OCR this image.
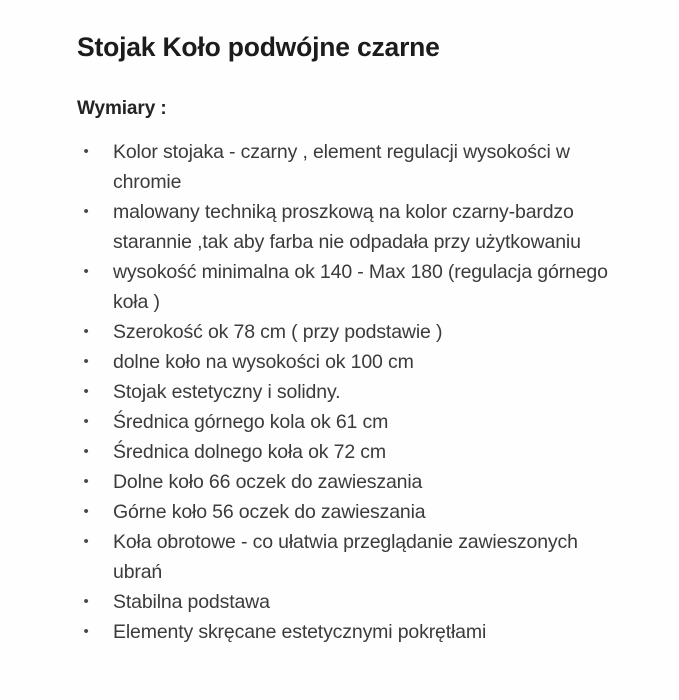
Stojak Koło podwójne czarne
Wymiary :
• Kolor stojaka - czarny , element regulacji wysokości w chromie
• malowany techniką proszkową na kolor czarny-bardzo starannie ,tak aby farba nie odpadała przy użytkowaniu
• wysokość minimalna ok 140 - Max 180 (regulacja górnego koła )
• Szerokość ok 78 cm ( przy podstawie )
• dolne koło na wysokości ok 100 cm
• Stojak estetyczny i solidny.
• Średnica górnego kola ok 61 cm
• Średnica dolnego koła ok 72 cm
• Dolne koło 66 oczek do zawieszania
• Górne koło 56 oczek do zawieszania
• Koła obrotowe - co ułatwia przeglądanie zawieszonych ubrań
• Stabilna podstawa
• Elementy skręcane estetycznymi pokrętłami
